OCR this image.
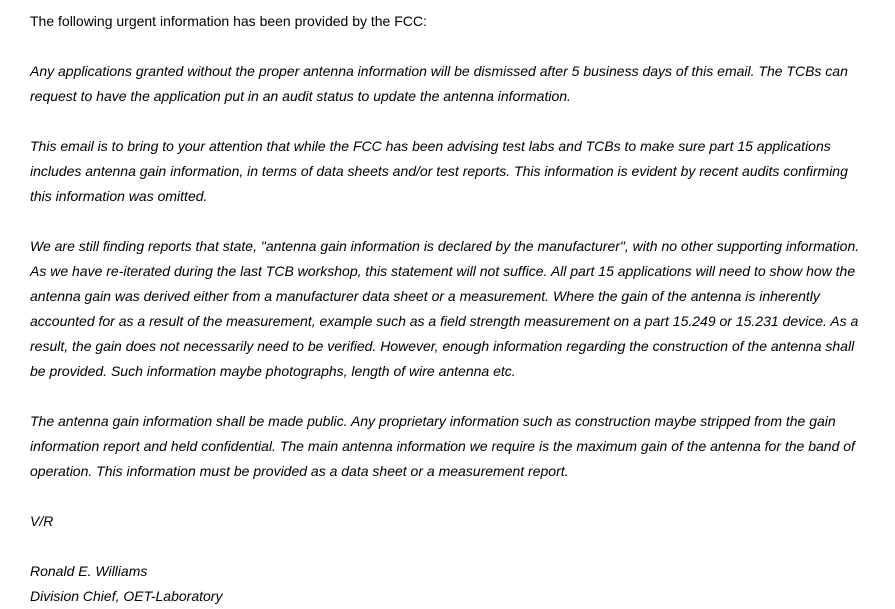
The following urgent information has been provided by the FCC:

Any applications granted without the proper antenna information will be dismissed after 5 business days of this email. The TCBs can request to have the application put in an audit status to update the antenna information.

This email is to bring to your attention that while the FCC has been advising test labs and TCBs to make sure part 15 applications includes antenna gain information, in terms of data sheets and/or test reports. This information is evident by recent audits confirming this information was omitted.

We are still finding reports that state, "antenna gain information is declared by the manufacturer", with no other supporting information. As we have re-iterated during the last TCB workshop, this statement will not suffice. All part 15 applications will need to show how the antenna gain was derived either from a manufacturer data sheet or a measurement. Where the gain of the antenna is inherently accounted for as a result of the measurement, example such as a field strength measurement on a part 15.249 or 15.231 device. As a result, the gain does not necessarily need to be verified. However, enough information regarding the construction of the antenna shall be provided. Such information maybe photographs, length of wire antenna etc.

The antenna gain information shall be made public. Any proprietary information such as construction maybe stripped from the gain information report and held confidential. The main antenna information we require is the maximum gain of the antenna for the band of operation. This information must be provided as a data sheet or a measurement report.

V/R

Ronald E. Williams
Division Chief, OET-Laboratory
